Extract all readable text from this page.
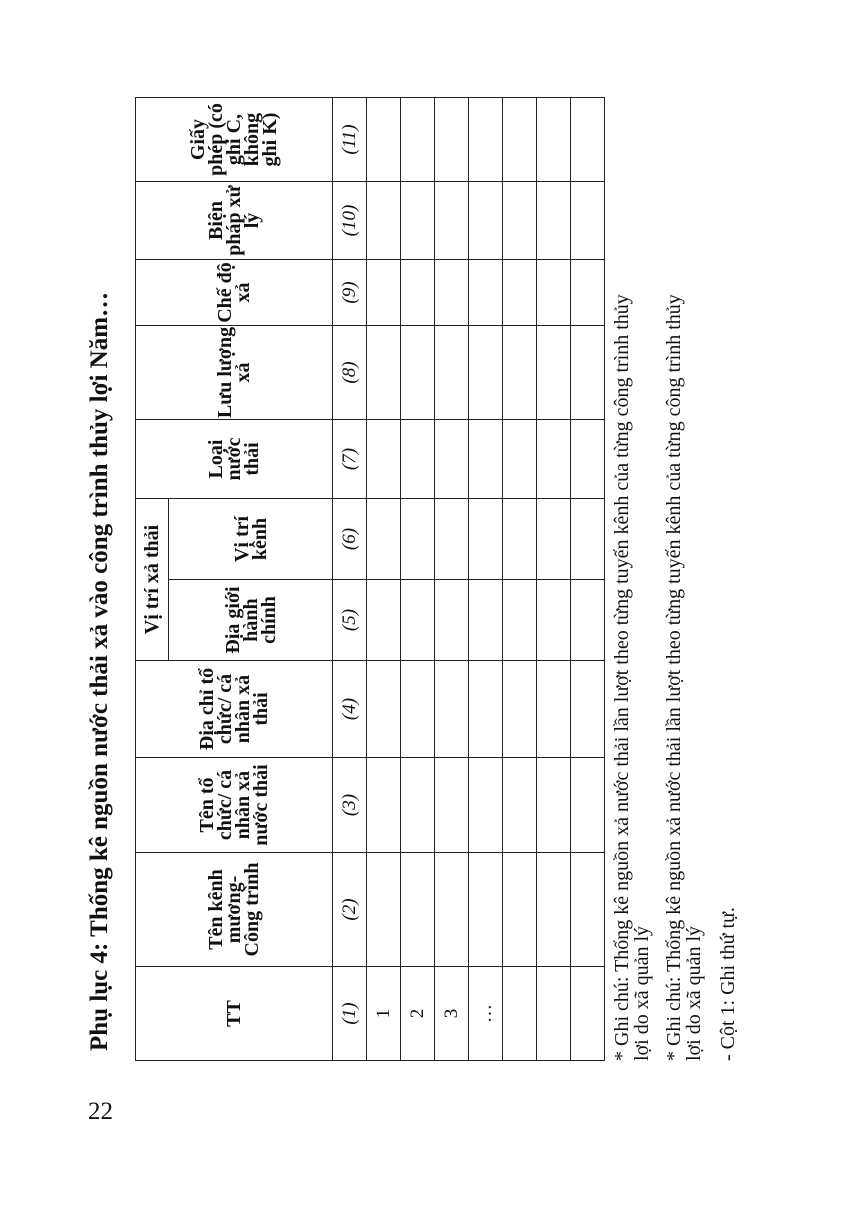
22
Phụ lục 4: Thống kê nguồn nước thải xả vào công trình thủy lợi Năm…	TT	Tên kênh mương- Công trình	Tên tổ chức/ cá nhân xả nước thải	Địa chỉ tổ chức/ cá nhân xả thải	Vị trí xả thải		Loại nước thải	Lưu lượng xả	Chế độ xả	Biện pháp xử lý	Giấy phép (có ghi C, không ghi K)
				Địa giới hành chính	Vị trí kênh					
(1)	(2)	(3)	(4)	(5)	(6)	(7)	(8)	(9)	(10)	(11)
1										
2										
3										
…										

											* Ghi chú: Thống kê nguồn xả nước thải lần lượt theo từng tuyến kênh của từng công trình thủy
lợi do xã quản lý * Ghi chú: Thống kê nguồn xả nước thải lần lượt theo từng tuyến kênh của từng công trình thủy
lợi do xã quản lý - Cột 1: Ghi thứ tự.
